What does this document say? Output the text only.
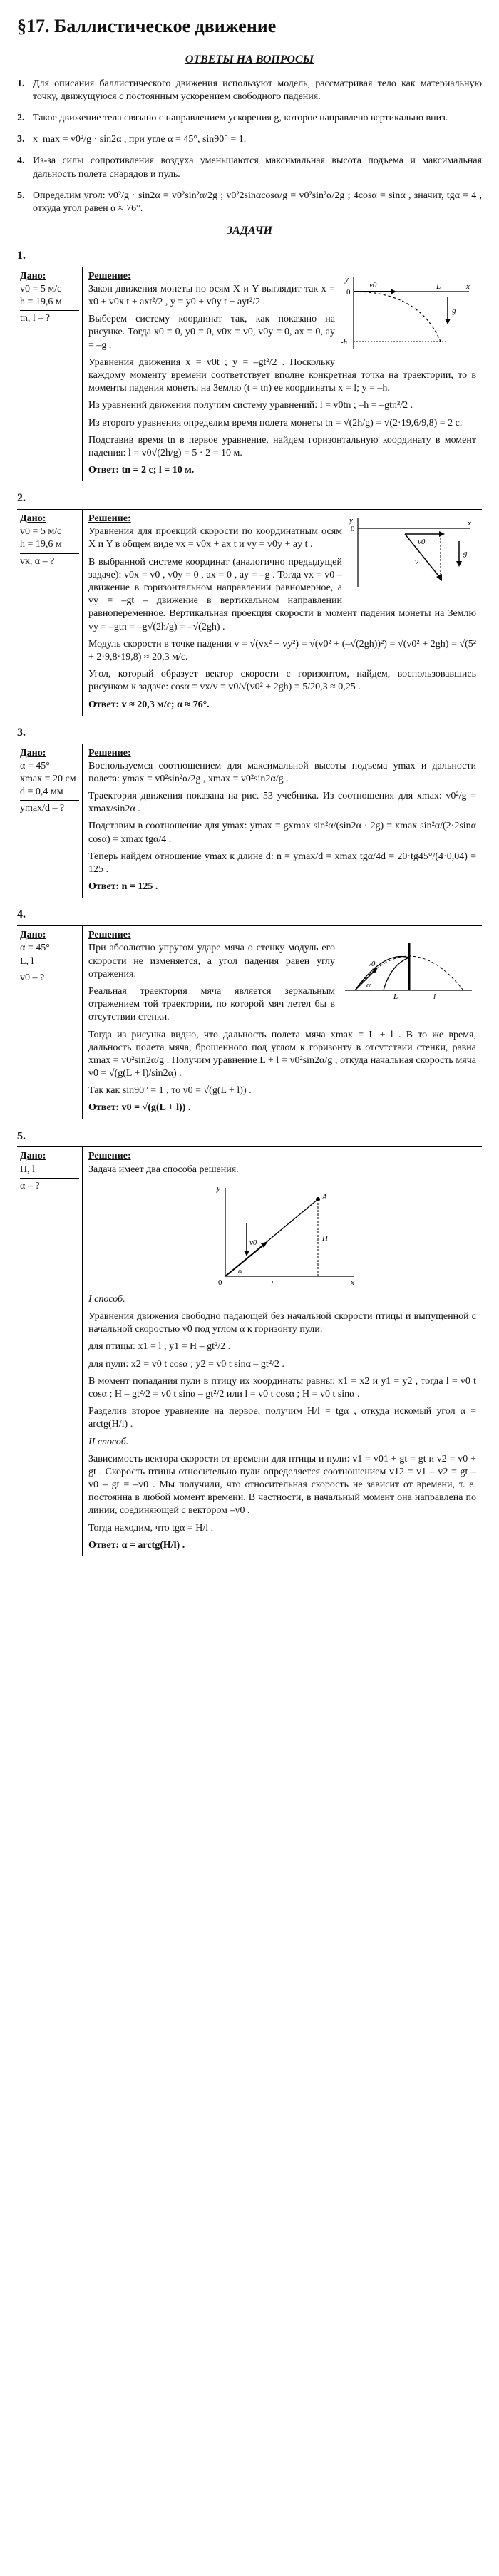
§17. Баллистическое движение
ОТВЕТЫ НА ВОПРОСЫ
1. Для описания баллистического движения используют модель, рассматривая тело как материальную точку, движущуюся с постоянным ускорением свободного падения.
2. Такое движение тела связано с направлением ускорения g, которое направлено вертикально вниз.
3. x_max = v0²/g · sin2α , при угле α = 45°, sin90° = 1.
4. Из-за силы сопротивления воздуха уменьшаются максимальная высота подъема и максимальная дальность полета снарядов и пуль.
5. Определим угол: v0²/g · sin2α = v0²sin²α/2g ; v0²2sinαcosα/g = v0²sin²α/2g ; 4cosα = sinα , значит, tgα = 4 , откуда угол равен α ≈ 76°.
ЗАДАЧИ
1.
Дано:
v0 = 5 м/с
h = 19,6 м
tn, l – ?
y
x
0
v0
g
L
-h
Решение:

Закон движения монеты по осям X и Y выглядит так x = x0 + v0x t + axt²/2 , y = y0 + v0y t + ayt²/2 .

Выберем систему координат так, как показано на рисунке. Тогда x0 = 0, y0 = 0, v0x = v0, v0y = 0, ax = 0, ay = –g .

Уравнения движения x = v0t ; y = –gt²/2 . Поскольку каждому моменту времени соответствует вполне конкретная точка на траектории, то в моменты падения монеты на Землю (t = tn) ее координаты x = l; y = –h.

Из уравнений движения получим систему уравнений: l = v0tn ; –h = –gtn²/2 .

Из второго уравнения определим время полета монеты tn = √(2h/g) = √(2·19,6/9,8) = 2 с.

Подставив время tn в первое уравнение, найдем горизонтальную координату в момент падения: l = v0√(2h/g) = 5 · 2 = 10 м.

Ответ: tn = 2 с; l = 10 м.

2.
Дано:
v0 = 5 м/с
h = 19,6 м
vк, α – ?
y	x
0
v0
v
g
Решение:

Уравнения для проекций скорости по координатным осям X и Y в общем виде vx = v0x + ax t и vy = v0y + ay t .

В выбранной системе координат (аналогично предыдущей задаче): v0x = v0 , v0y = 0 , ax = 0 , ay = –g . Тогда vx = v0 – движение в горизонтальном направлении равномерное, а vy = –gt – движение в вертикальном направлении равнопеременное. Вертикальная проекция скорости в момент падения монеты на Землю vy = –gtn = –g√(2h/g) = –√(2gh) .

Модуль скорости в точке падения v = √(vx² + vy²) = √(v0² + (–√(2gh))²) = √(v0² + 2gh) = √(5² + 2·9,8·19,8) ≈ 20,3 м/с.

Угол, который образует вектор скорости с горизонтом, найдем, воспользовавшись рисунком к задаче: cosα = vx/v = v0/√(v0² + 2gh) = 5/20,3 ≈ 0,25 .

Ответ: v ≈ 20,3 м/с; α ≈ 76°.

3.
Дано:
α = 45°
xmax = 20 см
d = 0,4 мм
ymax/d – ?
Решение:

Воспользуемся соотношением для максимальной высоты подъема ymax и дальности полета: ymax = v0²sin²α/2g , xmax = v0²sin2α/g .

Траектория движения показана на рис. 53 учебника. Из соотношения для xmax: v0²/g = xmax/sin2α .

Подставим в соотношение для ymax: ymax = gxmax sin²α/(sin2α · 2g) = xmax sin²α/(2·2sinα cosα) = xmax tgα/4 .

Теперь найдем отношение ymax к длине d: n = ymax/d = xmax tgα/4d = 20·tg45°/(4·0,04) = 125 .

Ответ: n = 125 .

4.
Дано:
α = 45°
L, l
v0 – ?
v0
α
L	l
Решение:

При абсолютно упругом ударе мяча о стенку модуль его скорости не изменяется, а угол падения равен углу отражения.

Реальная траектория мяча является зеркальным отражением той траектории, по которой мяч летел бы в отсутствии стенки.

Тогда из рисунка видно, что дальность полета мяча xmax = L + l . В то же время, дальность полета мяча, брошенного под углом к горизонту в отсутствии стенки, равна xmax = v0²sin2α/g . Получим уравнение L + l = v0²sin2α/g , откуда начальная скорость мяча v0 = √(g(L + l)/sin2α) .

Так как sin90° = 1 , то v0 = √(g(L + l)) .

Ответ: v0 = √(g(L + l)) .

5.
Дано:
H, l
α – ?
Решение:

Задача имеет два способа решения.

y
x
0
A
H
l
v0
α

I способ.

Уравнения движения свободно падающей без начальной скорости птицы и выпущенной с начальной скоростью v0 под углом α к горизонту пули:

для птицы: x1 = l ; y1 = H – gt²/2 .

для пули: x2 = v0 t cosα ; y2 = v0 t sinα – gt²/2 .

В момент попадания пули в птицу их координаты равны: x1 = x2 и y1 = y2 , тогда l = v0 t cosα ; H – gt²/2 = v0 t sinα – gt²/2 или l = v0 t cosα ; H = v0 t sinα .

Разделив второе уравнение на первое, получим H/l = tgα , откуда искомый угол α = arctg(H/l) .

II способ.

Зависимость вектора скорости от времени для птицы и пули: v1 = v01 + gt = gt и v2 = v0 + gt . Скорость птицы относительно пули определяется соотношением v12 = v1 – v2 = gt – v0 – gt = –v0 . Мы получили, что относительная скорость не зависит от времени, т. е. постоянна в любой момент времени. В частности, в начальный момент она направлена по линии, соединяющей с вектором –v0 .

Тогда находим, что tgα = H/l .

Ответ: α = arctg(H/l) .
